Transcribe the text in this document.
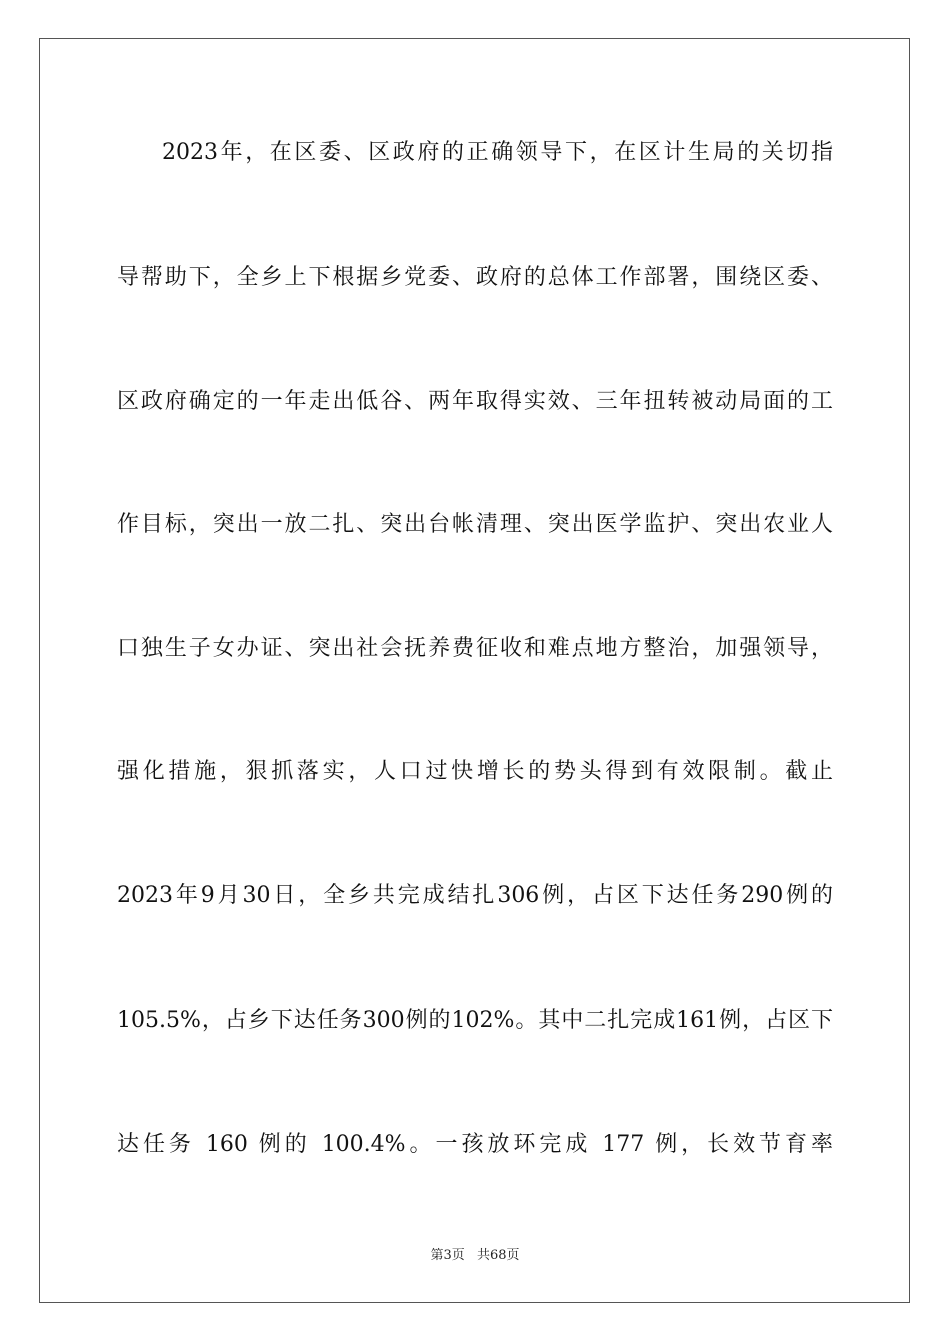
2023年，在区委、区政府的正确领导下，在区计生局的关切指
导帮助下，全乡上下根据乡党委、政府的总体工作部署，围绕区委、
区政府确定的一年走出低谷、两年取得实效、三年扭转被动局面的工
作目标，突出一放二扎、突出台帐清理、突出医学监护、突出农业人
口独生子女办证、突出社会抚养费征收和难点地方整治，加强领导，
强化措施，狠抓落实，人口过快增长的势头得到有效限制。截止
2023年9月30日，全乡共完成结扎306例，占区下达任务290例的
105.5%，占乡下达任务300例的102%。其中二扎完成161例，占区下
达任务 160 例的 100.4%。一孩放环完成 177 例，长效节育率
第3页 共68页
